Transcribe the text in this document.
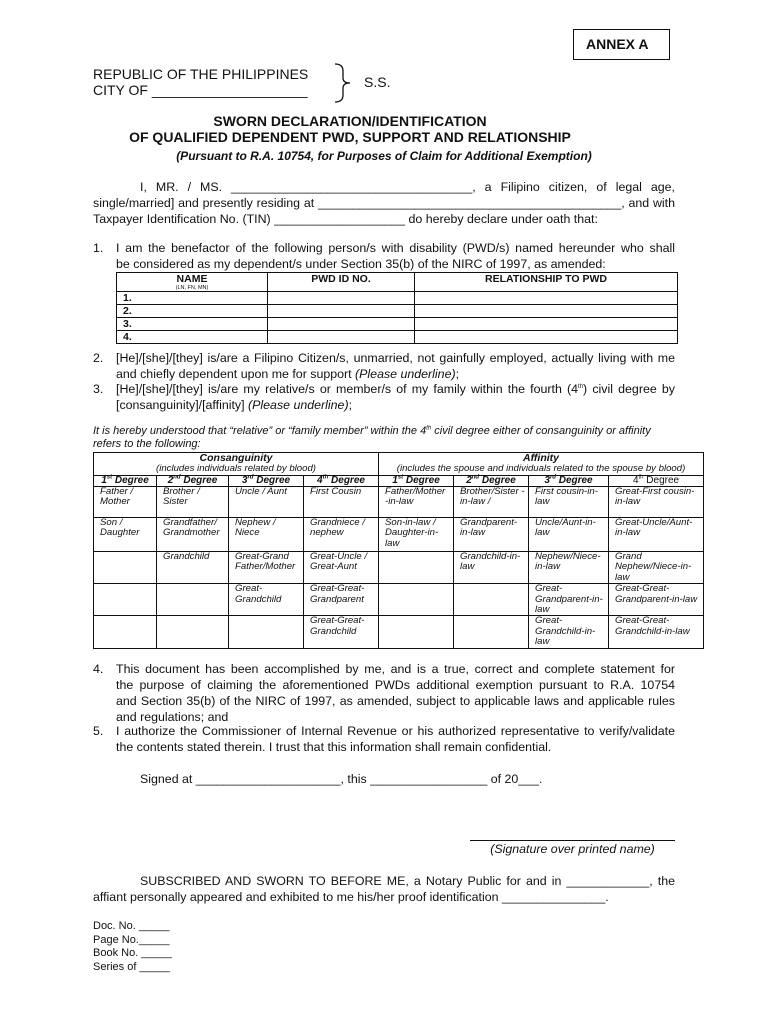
ANNEX A
REPUBLIC OF THE PHILIPPINES
CITY OF ____________________	S.S.
SWORN DECLARATION/IDENTIFICATION
OF QUALIFIED DEPENDENT PWD, SUPPORT AND RELATIONSHIP
(Pursuant to R.A. 10754, for Purposes of Claim for Additional Exemption)
I, MR. / MS. ___________________________________, a Filipino citizen, of legal age,
single/married] and presently residing at ____________________________________________, and with
Taxpayer Identification No. (TIN) ___________________ do hereby declare under oath that:
1.	I am the benefactor of the following person/s with disability (PWD/s) named hereunder who shall
be considered as my dependent/s under Section 35(b) of the NIRC of 1997, as amended:
NAME
(LN, FN, MN)	PWD ID NO.	RELATIONSHIP TO PWD
1.		
2.		
3.		
4.		
2.	[He]/[she]/[they] is/are a Filipino Citizen/s, unmarried, not gainfully employed, actually living with me
and chiefly dependent upon me for support (Please underline);
3.	[He]/[she]/[they] is/are my relative/s or member/s of my family within the fourth (4th) civil degree by
[consanguinity]/[affinity] (Please underline);
It is hereby understood that “relative” or “family member” within the 4th civil degree either of consanguinity or affinity
refers to the following:
Consanguinity
(includes individuals related by blood)				Affinity
(includes the spouse and individuals related to the spouse by blood)			

1st Degree	2nd Degree	3rd Degree	4th Degree	1st Degree	2nd Degree	3rd Degree	4th Degree
Father / Mother	Brother / Sister	Uncle / Aunt	First Cousin	Father/Mother -in-law	Brother/Sister -in-law /	First cousin-in-law	Great-First cousin-in-law
Son / Daughter	Grandfather/ Grandmother	Nephew / Niece	Grandniece / nephew	Son-in-law / Daughter-in-law	Grandparent-in-law	Uncle/Aunt-in-law	Great-Uncle/Aunt-in-law
	Grandchild	Great-Grand Father/Mother	Great-Uncle / Great-Aunt		Grandchild-in-law	Nephew/Niece-in-law	Grand Nephew/Niece-in-law
		Great-Grandchild	Great-Great-Grandparent			Great-Grandparent-in-law	Great-Great-Grandparent-in-law
			Great-Great-Grandchild			Great-Grandchild-in-law	Great-Great-Grandchild-in-law
4.	This document has been accomplished by me, and is a true, correct and complete statement for
the purpose of claiming the aforementioned PWDs additional exemption pursuant to R.A. 10754
and Section 35(b) of the NIRC of 1997, as amended, subject to applicable laws and applicable rules
and regulations; and
5.	I authorize the Commissioner of Internal Revenue or his authorized representative to verify/validate
the contents stated therein. I trust that this information shall remain confidential.
Signed at _____________________, this _________________ of 20___.
(Signature over printed name)
SUBSCRIBED AND SWORN TO BEFORE ME, a Notary Public for and in ____________, the
affiant personally appeared and exhibited to me his/her proof identification _______________.
Doc. No. _____
Page No._____
Book No. _____
Series of _____
